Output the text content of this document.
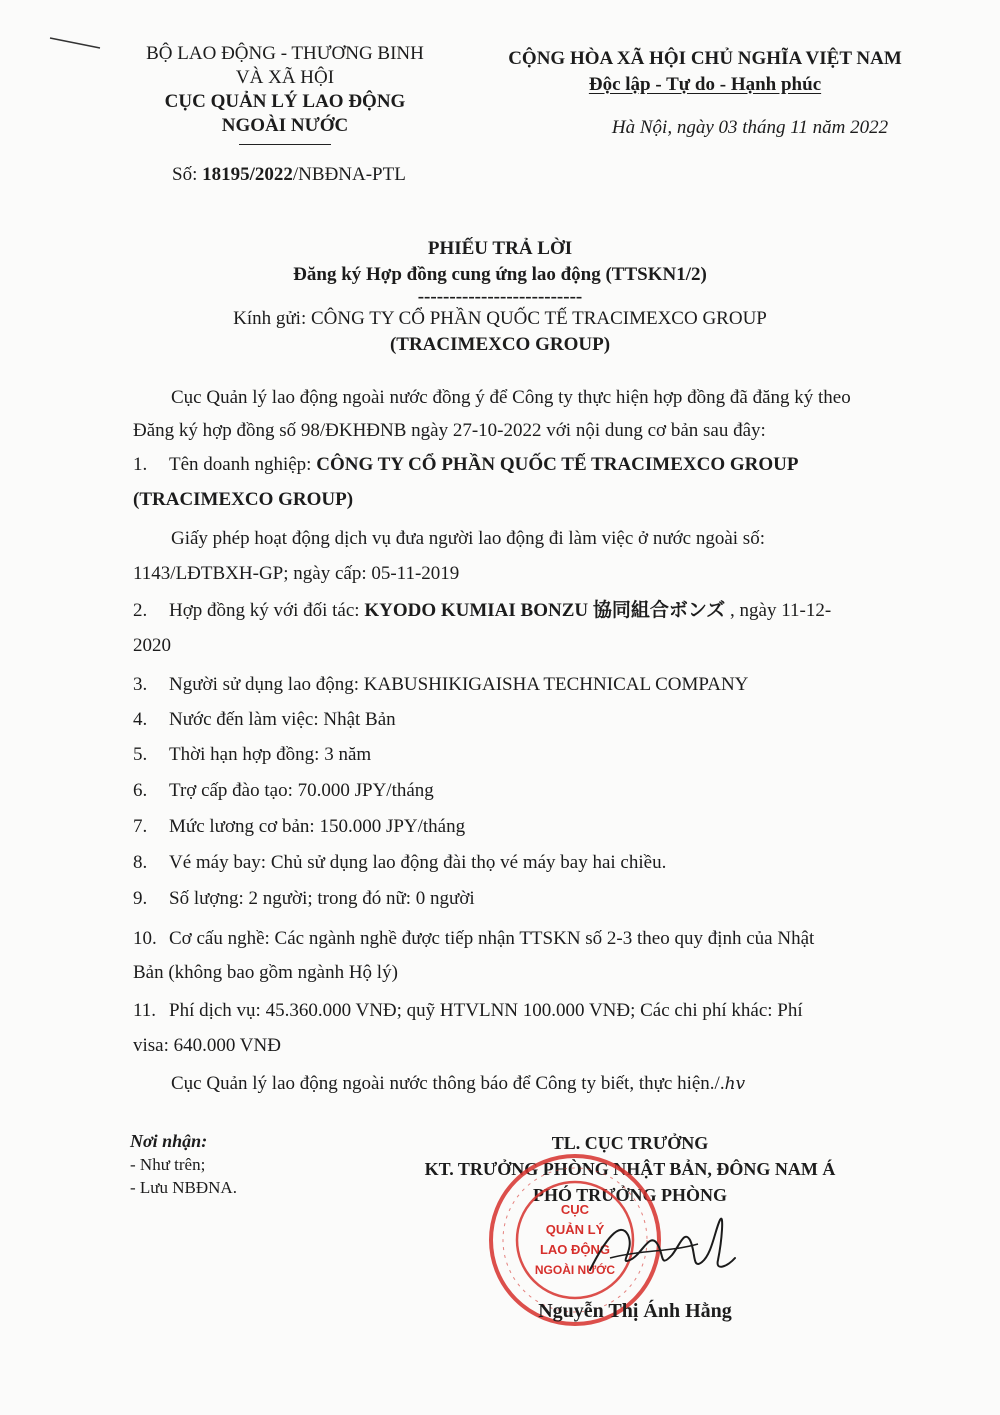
BỘ LAO ĐỘNG - THƯƠNG BINH
VÀ XÃ HỘI
CỤC QUẢN LÝ LAO ĐỘNG
NGOÀI NƯỚC
Số: 18195/2022/NBĐNA-PTL
CỘNG HÒA XÃ HỘI CHỦ NGHĨA VIỆT NAM
Độc lập - Tự do - Hạnh phúc
Hà Nội, ngày 03 tháng 11 năm 2022
PHIẾU TRẢ LỜI
Đăng ký Hợp đồng cung ứng lao động (TTSKN1/2)
--------------------------
Kính gửi: CÔNG TY CỔ PHẦN QUỐC TẾ TRACIMEXCO GROUP
(TRACIMEXCO GROUP)
Cục Quản lý lao động ngoài nước đồng ý để Công ty thực hiện hợp đồng đã đăng ký theo Đăng ký hợp đồng số 98/ĐKHĐNB ngày 27-10-2022 với nội dung cơ bản sau đây:
1. Tên doanh nghiệp: CÔNG TY CỔ PHẦN QUỐC TẾ TRACIMEXCO GROUP
(TRACIMEXCO GROUP)
Giấy phép hoạt động dịch vụ đưa người lao động đi làm việc ở nước ngoài số:
1143/LĐTBXH-GP; ngày cấp: 05-11-2019
2. Hợp đồng ký với đối tác: KYODO KUMIAI BONZU 協同組合ボンズ , ngày 11-12-
2020
3. Người sử dụng lao động: KABUSHIKIGAISHA TECHNICAL COMPANY
4. Nước đến làm việc: Nhật Bản
5. Thời hạn hợp đồng: 3 năm
6. Trợ cấp đào tạo: 70.000 JPY/tháng
7. Mức lương cơ bản: 150.000 JPY/tháng
8. Vé máy bay: Chủ sử dụng lao động đài thọ vé máy bay hai chiều.
9. Số lượng: 2 người; trong đó nữ: 0 người
10. Cơ cấu nghề: Các ngành nghề được tiếp nhận TTSKN số 2-3 theo quy định của Nhật
Bản (không bao gồm ngành Hộ lý)
11. Phí dịch vụ: 45.360.000 VNĐ; quỹ HTVLNN 100.000 VNĐ; Các chi phí khác: Phí
visa: 640.000 VNĐ
Cục Quản lý lao động ngoài nước thông báo để Công ty biết, thực hiện./.hv
Nơi nhận:
- Như trên;
- Lưu NBĐNA.
TL. CỤC TRƯỞNG
KT. TRƯỞNG PHÒNG NHẬT BẢN, ĐÔNG NAM Á
PHÓ TRƯỞNG PHÒNG
CỤC
QUẢN LÝ
LAO ĐỘNG
NGOÀI NƯỚC
Nguyễn Thị Ánh Hằng
